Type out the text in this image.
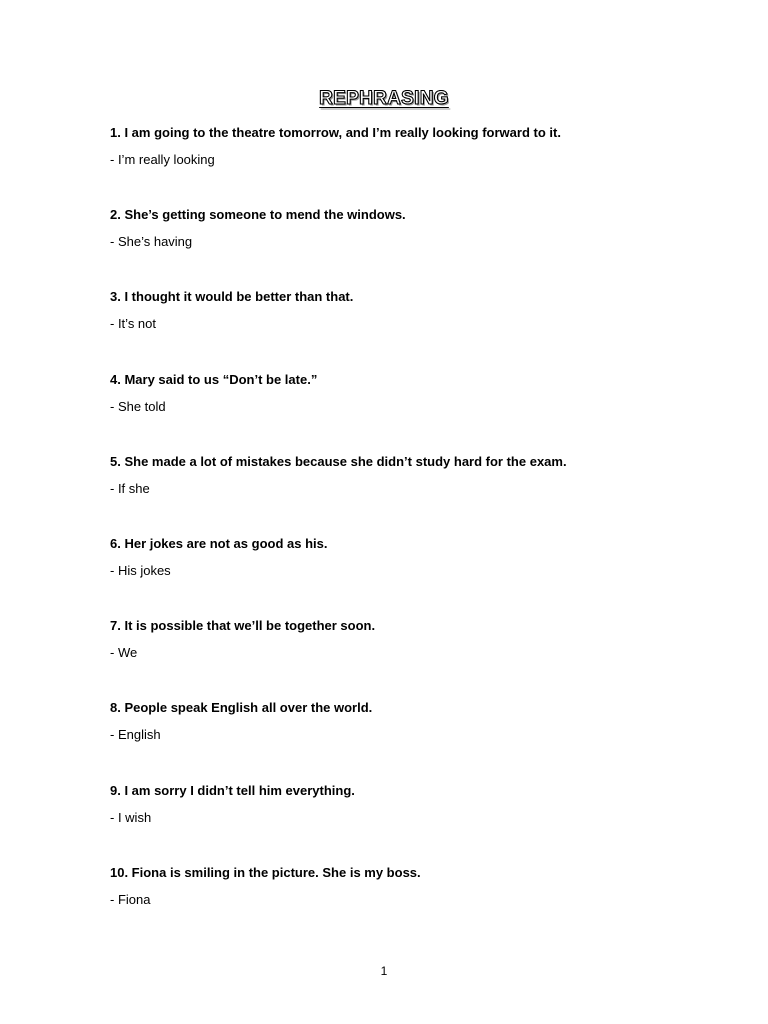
REPHRASING

1. I am going to the theatre tomorrow, and I’m really looking forward to it.

- I’m really looking

2. She’s getting someone to mend the windows.

- She’s having

3. I thought it would be better than that.

- It’s not

4. Mary said to us “Don’t be late.”

- She told

5. She made a lot of mistakes because she didn’t study hard for the exam.

- If she

6. Her jokes are not as good as his.

- His jokes

7. It is possible that we’ll be together soon.

- We

8. People speak English all over the world.

- English

9. I am sorry I didn’t tell him everything.

- I wish

10. Fiona is smiling in the picture. She is my boss.

- Fiona

1
